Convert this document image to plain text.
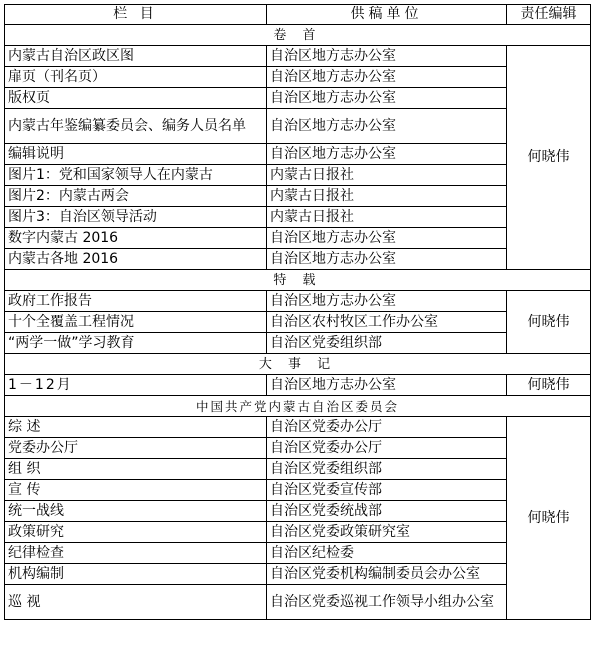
栏 目	供稿单位	责任编辑
卷 首		
内蒙古自治区政区图	自治区地方志办公室	何晓伟
扉页（刊名页）	自治区地方志办公室	
版权页	自治区地方志办公室	
内蒙古年鉴编纂委员会、编务人员名单	自治区地方志办公室	
编辑说明	自治区地方志办公室	
图片1：党和国家领导人在内蒙古	内蒙古日报社	
图片2：内蒙古两会	内蒙古日报社	
图片3：自治区领导活动	内蒙古日报社	
数字内蒙古 2016	自治区地方志办公室	
内蒙古各地 2016	自治区地方志办公室	
特 载		
政府工作报告	自治区地方志办公室	何晓伟
十个全覆盖工程情况	自治区农村牧区工作办公室	
“两学一做”学习教育	自治区党委组织部	
大 事 记		
1－12月	自治区地方志办公室	何晓伟
中国共产党内蒙古自治区委员会		
综 述	自治区党委办公厅	何晓伟
党委办公厅	自治区党委办公厅	
组 织	自治区党委组织部	
宣 传	自治区党委宣传部	
统一战线	自治区党委统战部	
政策研究	自治区党委政策研究室	
纪律检查	自治区纪检委	
机构编制	自治区党委机构编制委员会办公室	
巡 视	自治区党委巡视工作领导小组办公室	
